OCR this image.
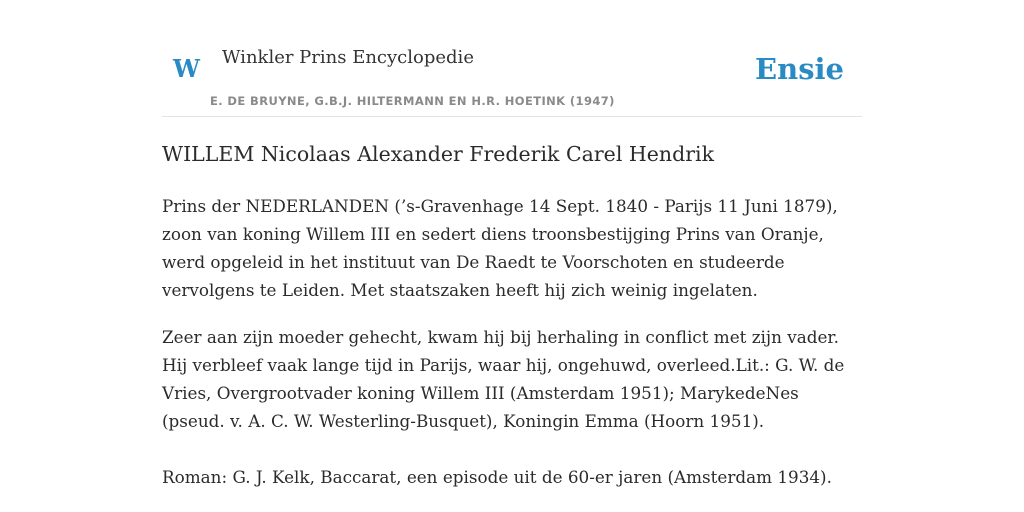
W Winkler Prins Encyclopedie
E. DE BRUYNE, G.B.J. HILTERMANN EN H.R. HOETINK (1947)
Ensie
WILLEM Nicolaas Alexander Frederik Carel Hendrik

Prins der NEDERLANDEN (’s-Gravenhage 14 Sept. 1840 - Parijs 11 Juni 1879), zoon van koning Willem III en sedert diens troonsbestijging Prins van Oranje, werd opgeleid in het instituut van De Raedt te Voorschoten en studeerde vervolgens te Leiden. Met staatszaken heeft hij zich weinig ingelaten.

Zeer aan zijn moeder gehecht, kwam hij bij herhaling in conflict met zijn vader. Hij verbleef vaak lange tijd in Parijs, waar hij, ongehuwd, overleed.Lit.: G. W. de Vries, Overgrootvader koning Willem III (Amsterdam 1951); MarykedeNes (pseud. v. A. C. W. Westerling-Busquet), Koningin Emma (Hoorn 1951).

Roman: G. J. Kelk, Baccarat, een episode uit de 60-er jaren (Amsterdam 1934).
